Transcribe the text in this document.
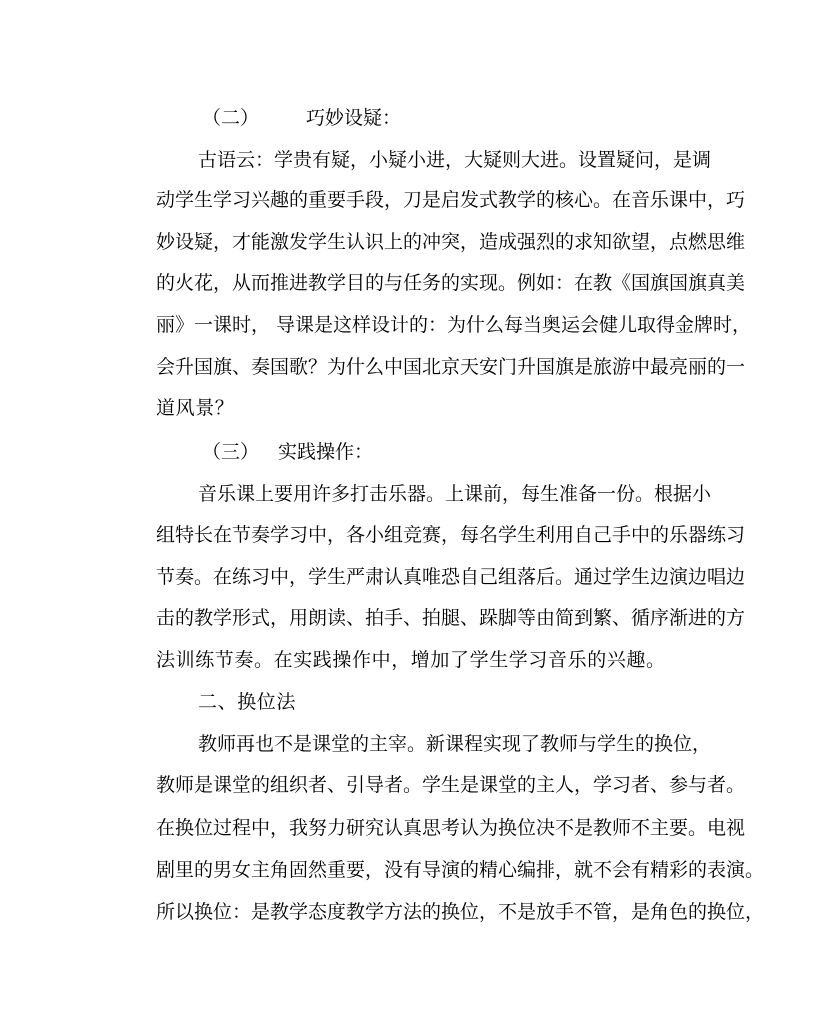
（二） 巧妙设疑：
古语云：学贵有疑，小疑小进，大疑则大进。设置疑问，是调
动学生学习兴趣的重要手段，刀是启发式教学的核心。在音乐课中，巧
妙设疑，才能激发学生认识上的冲突，造成强烈的求知欲望，点燃思维
的火花，从而推进教学目的与任务的实现。例如：在教《国旗国旗真美
丽》一课时， 导课是这样设计的：为什么每当奥运会健儿取得金牌时，
会升国旗、奏国歌？为什么中国北京天安门升国旗是旅游中最亮丽的一
道风景？
（三） 实践操作：
音乐课上要用许多打击乐器。上课前，每生准备一份。根据小
组特长在节奏学习中，各小组竞赛，每名学生利用自己手中的乐器练习
节奏。在练习中，学生严肃认真唯恐自己组落后。通过学生边演边唱边
击的教学形式，用朗读、拍手、拍腿、跺脚等由简到繁、循序渐进的方
法训练节奏。在实践操作中，增加了学生学习音乐的兴趣。
二、换位法
教师再也不是课堂的主宰。新课程实现了教师与学生的换位，
教师是课堂的组织者、引导者。学生是课堂的主人，学习者、参与者。
在换位过程中，我努力研究认真思考认为换位决不是教师不主要。电视
剧里的男女主角固然重要，没有导演的精心编排，就不会有精彩的表演。
所以换位：是教学态度教学方法的换位，不是放手不管，是角色的换位，
